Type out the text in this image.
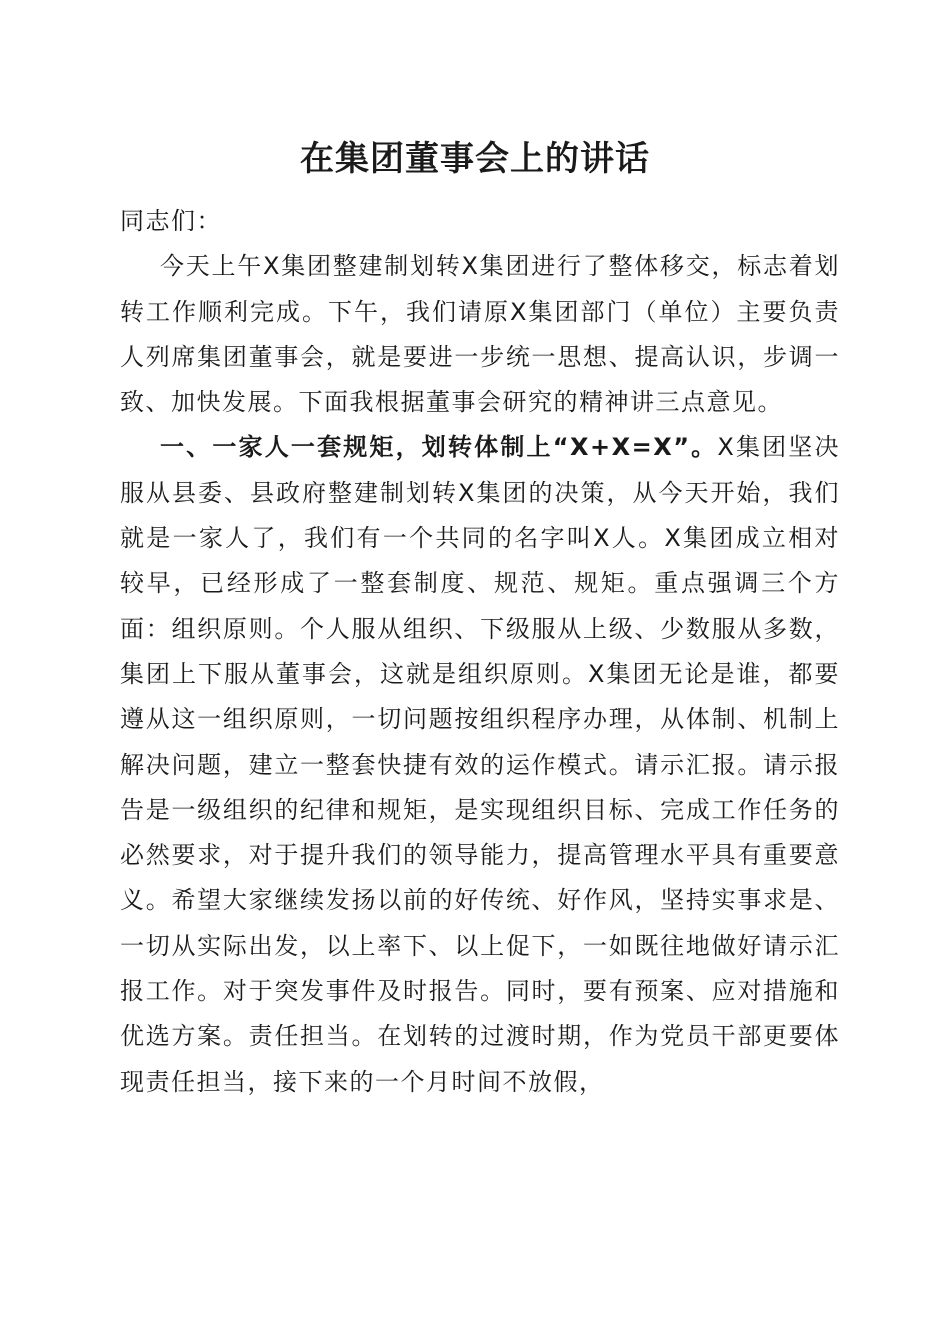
在集团董事会上的讲话

同志们：

今天上午X集团整建制划转X集团进行了整体移交，标志着划转工作顺利完成。下午，我们请原X集团部门（单位）主要负责人列席集团董事会，就是要进一步统一思想、提高认识，步调一致、加快发展。下面我根据董事会研究的精神讲三点意见。

一、一家人一套规矩，划转体制上“X+X=X”。X集团坚决服从县委、县政府整建制划转X集团的决策，从今天开始，我们就是一家人了，我们有一个共同的名字叫X人。X集团成立相对较早，已经形成了一整套制度、规范、规矩。重点强调三个方面：组织原则。个人服从组织、下级服从上级、少数服从多数，集团上下服从董事会，这就是组织原则。X集团无论是谁，都要遵从这一组织原则，一切问题按组织程序办理，从体制、机制上解决问题，建立一整套快捷有效的运作模式。请示汇报。请示报告是一级组织的纪律和规矩，是实现组织目标、完成工作任务的必然要求，对于提升我们的领导能力，提高管理水平具有重要意义。希望大家继续发扬以前的好传统、好作风，坚持实事求是、一切从实际出发，以上率下、以上促下，一如既往地做好请示汇报工作。对于突发事件及时报告。同时，要有预案、应对措施和优选方案。责任担当。在划转的过渡时期，作为党员干部更要体现责任担当，接下来的一个月时间不放假，
